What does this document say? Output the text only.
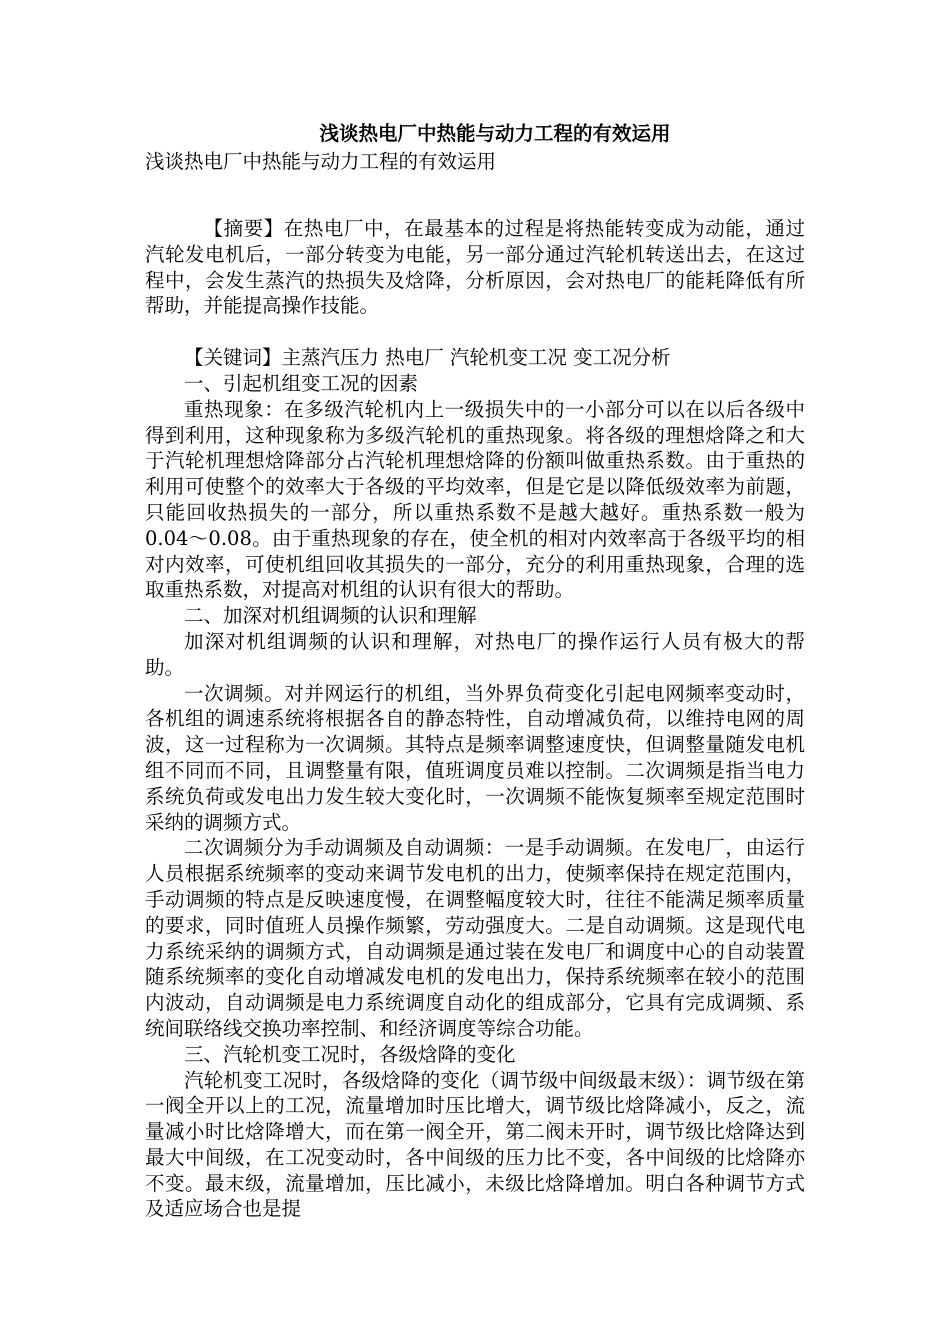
浅谈热电厂中热能与动力工程的有效运用

浅谈热电厂中热能与动力工程的有效运用

【摘要】在热电厂中，在最基本的过程是将热能转变成为动能，通过汽轮发电机后，一部分转变为电能，另一部分通过汽轮机转送出去，在这过程中，会发生蒸汽的热损失及焓降，分析原因，会对热电厂的能耗降低有所帮助，并能提高操作技能。

【关键词】主蒸汽压力 热电厂 汽轮机变工况 变工况分析

一、引起机组变工况的因素

重热现象：在多级汽轮机内上一级损失中的一小部分可以在以后各级中得到利用，这种现象称为多级汽轮机的重热现象。将各级的理想焓降之和大于汽轮机理想焓降部分占汽轮机理想焓降的份额叫做重热系数。由于重热的利用可使整个的效率大于各级的平均效率，但是它是以降低级效率为前题，只能回收热损失的一部分，所以重热系数不是越大越好。重热系数一般为0.04～0.08。由于重热现象的存在，使全机的相对内效率高于各级平均的相对内效率，可使机组回收其损失的一部分，充分的利用重热现象，合理的选取重热系数，对提高对机组的认识有很大的帮助。

二、加深对机组调频的认识和理解

加深对机组调频的认识和理解，对热电厂的操作运行人员有极大的帮助。

一次调频。对并网运行的机组，当外界负荷变化引起电网频率变动时，各机组的调速系统将根据各自的静态特性，自动增减负荷，以维持电网的周波，这一过程称为一次调频。其特点是频率调整速度快，但调整量随发电机组不同而不同，且调整量有限，值班调度员难以控制。二次调频是指当电力系统负荷或发电出力发生较大变化时，一次调频不能恢复频率至规定范围时采纳的调频方式。

二次调频分为手动调频及自动调频：一是手动调频。在发电厂，由运行人员根据系统频率的变动来调节发电机的出力，使频率保持在规定范围内，手动调频的特点是反映速度慢，在调整幅度较大时，往往不能满足频率质量的要求，同时值班人员操作频繁，劳动强度大。二是自动调频。这是现代电力系统采纳的调频方式，自动调频是通过装在发电厂和调度中心的自动装置随系统频率的变化自动增减发电机的发电出力，保持系统频率在较小的范围内波动，自动调频是电力系统调度自动化的组成部分，它具有完成调频、系统间联络线交换功率控制、和经济调度等综合功能。

三、汽轮机变工况时，各级焓降的变化

汽轮机变工况时，各级焓降的变化（调节级中间级最末级）：调节级在第一阀全开以上的工况，流量增加时压比增大，调节级比焓降减小，反之，流量减小时比焓降增大，而在第一阀全开，第二阀未开时，调节级比焓降达到最大中间级，在工况变动时，各中间级的压力比不变，各中间级的比焓降亦不变。最末级，流量增加，压比减小，未级比焓降增加。明白各种调节方式及适应场合也是提
